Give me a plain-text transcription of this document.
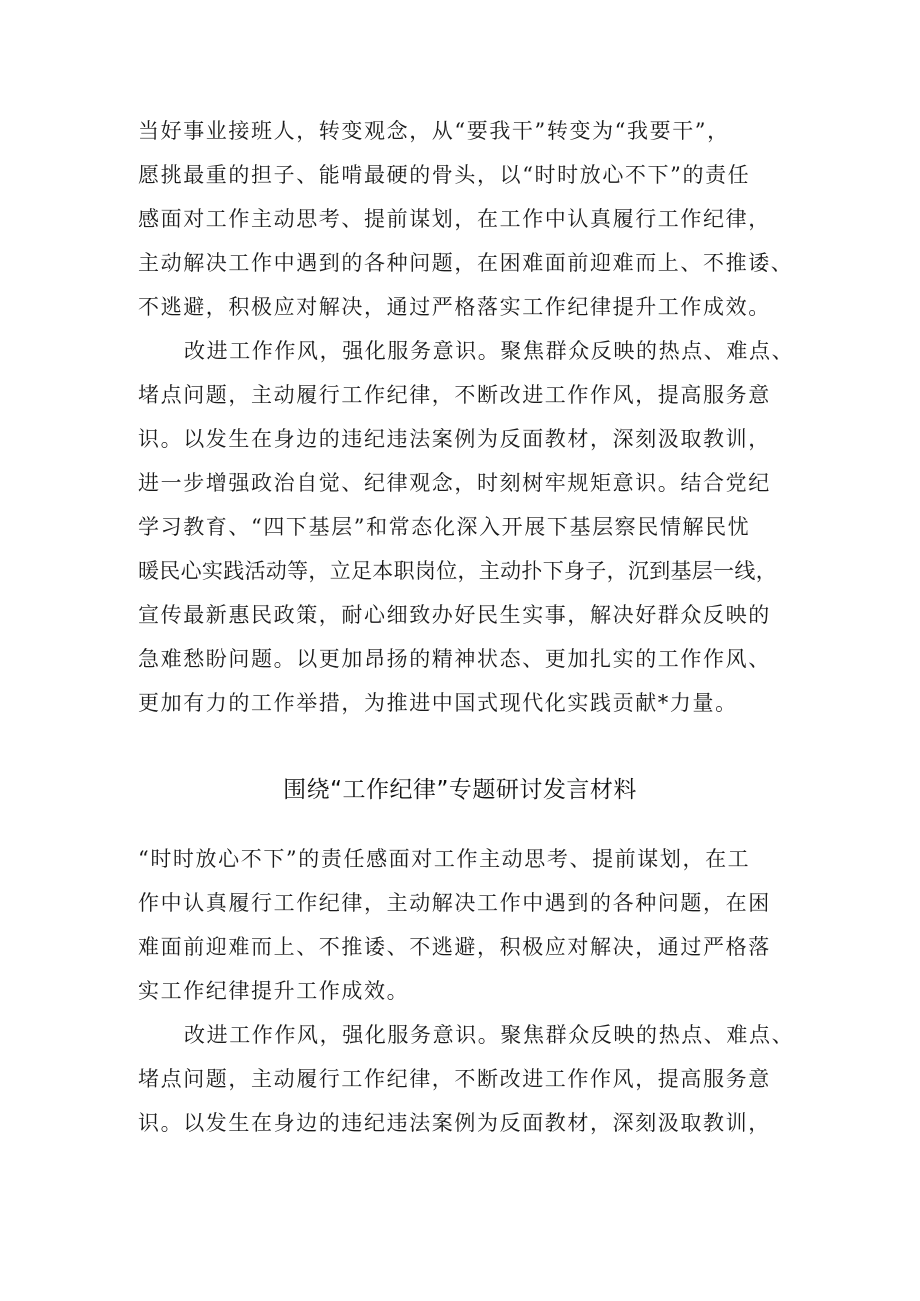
当好事业接班人，转变观念，从“要我干”转变为“我要干”，
愿挑最重的担子、能啃最硬的骨头，以“时时放心不下”的责任
感面对工作主动思考、提前谋划，在工作中认真履行工作纪律，
主动解决工作中遇到的各种问题，在困难面前迎难而上、不推诿、
不逃避，积极应对解决，通过严格落实工作纪律提升工作成效。
改进工作作风，强化服务意识。聚焦群众反映的热点、难点、
堵点问题，主动履行工作纪律，不断改进工作作风，提高服务意
识。以发生在身边的违纪违法案例为反面教材，深刻汲取教训，
进一步增强政治自觉、纪律观念，时刻树牢规矩意识。结合党纪
学习教育、“四下基层”和常态化深入开展下基层察民情解民忧
暖民心实践活动等，立足本职岗位，主动扑下身子，沉到基层一线，
宣传最新惠民政策，耐心细致办好民生实事，解决好群众反映的
急难愁盼问题。以更加昂扬的精神状态、更加扎实的工作作风、
更加有力的工作举措，为推进中国式现代化实践贡献*力量。
围绕“工作纪律”专题研讨发言材料
“时时放心不下”的责任感面对工作主动思考、提前谋划，在工
作中认真履行工作纪律，主动解决工作中遇到的各种问题，在困
难面前迎难而上、不推诿、不逃避，积极应对解决，通过严格落
实工作纪律提升工作成效。
改进工作作风，强化服务意识。聚焦群众反映的热点、难点、
堵点问题，主动履行工作纪律，不断改进工作作风，提高服务意
识。以发生在身边的违纪违法案例为反面教材，深刻汲取教训，
